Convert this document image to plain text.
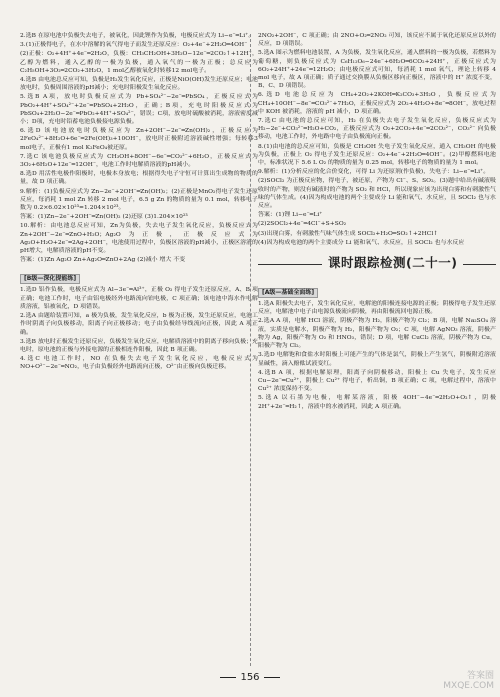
2.选B 在原电池中负极失去电子，被氧化，因此锂作为负极，电极反应式为 Li−e⁻═Li⁺。

3.(1)正极得电子，在水中溶解的氧气得电子而发生还原反应：O₂+4e⁻+2H₂O═4OH⁻

(2)正极：O₂+4H⁺+4e⁻═2H₂O，负极：CH₃CH₂OH+3H₂O−12e⁻═2CO₂↑+12H⁺，乙醇为燃料，通入乙醇的一极为负极，通入氧气的一极为正极；总反应为 C₂H₅OH+3O₂═2CO₂+3H₂O，1 mol乙醇被氧化时转移12 mol电子。

4.选B 由电池总反应可知，负极是H₂发生氧化反应，正极是NiO(OH)发生还原反应；电池放电时，负极周围溶液的pH减小；充电时阳极发生氧化反应。

5.选B A项，放电时负极反应式为 Pb+SO₄²⁻−2e⁻═PbSO₄，正极反应式为 PbO₂+4H⁺+SO₄²⁻+2e⁻═PbSO₄+2H₂O，正确；B项，充电时阳极反应式为 PbSO₄+2H₂O−2e⁻═PbO₂+4H⁺+SO₄²⁻，错误；C项，放电时硫酸被消耗，溶液密度减小；D项，充电时铅蓄电池负极接电源负极。

6.选D 该电池放电时负极反应为 Zn+2OH⁻−2e⁻═Zn(OH)₂，正极反应为 2FeO₄²⁻+8H₂O+6e⁻═2Fe(OH)₃+10OH⁻，放电时正极附近溶液碱性增强；每转移3 mol电子，正极有1 mol K₂FeO₄被还原。

7.选C 该电池负极反应式为 CH₃OH+8OH⁻−6e⁻═CO₃²⁻+6H₂O，正极反应式为 3O₂+6H₂O+12e⁻═12OH⁻，电池工作时电解质溶液的pH减小。

8.选D 用活性电极作阳极时，电极本身放电；根据得失电子守恒可计算出生成物的物质的量，故 D 项正确。

9.解析：(1)负极反应式为 Zn−2e⁻+2OH⁻═Zn(OH)₂；(2)正极是MnO₂得电子发生还原反应，每消耗 1 mol Zn 转移 2 mol 电子，6.5 g Zn 的物质的量为 0.1 mol，转移电子数为 0.2×6.02×10²³=1.204×10²³。

答案：(1)Zn−2e⁻+2OH⁻═Zn(OH)₂ (2)还原 (3)1.204×10²³

10.解析：由电池总反应可知，Zn为负极，失去电子发生氧化反应，负极反应式为 Zn+2OH⁻−2e⁻═ZnO+H₂O；Ag₂O为正极，正极反应式为 Ag₂O+H₂O+2e⁻═2Ag+2OH⁻，电池使用过程中，负极区溶液的pH减小，正极区溶液的pH增大，电解质溶液的pH不变。

答案：(1)Zn Ag₂O Zn+Ag₂O═ZnO+2Ag (2)减小 增大 不变

[B级—深化提能练]

1.选D 铝作负极，电极反应式为 Al−3e⁻═Al³⁺，正极 O₂ 得电子发生还原反应，A、B 项正确；电池工作时，电子由铝电极经外电路流向铂电极，C 项正确；该电池中海水作电解质溶液，铝被氧化，D 项错误。

2.选A 由题给装置可知，a 极为负极，发生氧化反应，b 极为正极，发生还原反应，电池工作时阴离子向负极移动，阳离子向正极移动；电子由负极经导线流向正极，因此 A 项正确。

3.选B 放电时正极发生还原反应，负极发生氧化反应，电解质溶液中的阴离子移向负极；充电时，原电池的正极与外接电源的正极相连作阳极，因此 B 项正确。

4.选C 电池工作时，NO 在负极失去电子发生氧化反应，电极反应式为 NO+O²⁻−2e⁻═NO₂，电子由负极经外电路流向正极，O²⁻由正极向负极迁移。

2NO₂+2OH⁻，C 项正确；由 2NO+O₂═2NO₂ 可知，该反应不属于氧化还原反应以外的反应，D 项错误。

5.选A 图示为燃料电池装置，A 为负极，发生氧化反应，通入燃料的一极为负极，若燃料为葡萄糖，则负极反应式为 C₆H₁₂O₆−24e⁻+6H₂O═6CO₂+24H⁺，正极反应式为 6O₂+24H⁺+24e⁻═12H₂O；由电极反应式可知，每消耗 1 mol 氧气，理论上转移 4 mol 电子，故 A 项正确；质子通过交换膜从负极区移向正极区，溶液中的 H⁺ 浓度不变，B、C、D 项错误。

6.选D 电池总反应为 CH₄+2O₂+2KOH═K₂CO₃+3H₂O，负极反应式为 CH₄+10OH⁻−8e⁻═CO₃²⁻+7H₂O，正极反应式为 2O₂+4H₂O+8e⁻═8OH⁻，放电过程中 KOH 被消耗，溶液的 pH 减小，D 项正确。

7.选C 由电池的总反应可知，H₂ 在负极失去电子发生氧化反应，负极反应式为 H₂−2e⁻+CO₃²⁻═H₂O+CO₂，正极反应式为 O₂+2CO₂+4e⁻═2CO₃²⁻，CO₃²⁻ 向负极移动，电池工作时，外电路中电子由负极流向正极。

8.(1)由电池的总反应可知，负极是 CH₃OH 失电子发生氧化反应，通入 CH₃OH 的电极为负极，正极上 O₂ 得电子发生还原反应：O₂+4e⁻+2H₂O═4OH⁻。(2)甲醇燃料电池中，标准状况下 5.6 L O₂ 的物质的量为 0.25 mol，转移电子的物质的量为 1 mol。

9.解析：(1)分析反应的化合价变化，可得 Li 为还原剂(作负极)，失电子：Li−e⁻═Li⁺。

(2)SOCl₂ 为正极反应物，得电子，被还原，产物为 Cl⁻、S、SO₂。(3)题中给出有碱液吸收时的产物，则没有碱液时的产物为 SO₂ 和 HCl，所以现象应该为出现白雾和有刺激性气味的气体生成。(4)因为构成电池的两个主要成分 Li 能和氧气、水反应，且 SOCl₂ 也与水反应。

答案：(1)锂 Li−e⁻═Li⁺

(2)2SOCl₂+4e⁻═4Cl⁻+S+SO₂

(3)出现白雾，有刺激性气味气体生成 SOCl₂+H₂O═SO₂↑+2HCl↑

(4)因为构成电池的两个主要成分 Li 能和氧气、水反应，且 SOCl₂ 也与水反应

课时跟踪检测(二十一)
[A级—基础全面练]

1.选A 阳极失去电子，发生氧化反应，电解池的阳极连接电源的正极；阴极得电子发生还原反应，电解池中电子由电源负极流向阴极，再由阳极流回电源正极。

2.选A A 项，电解 HCl 溶液，阴极产物为 H₂，阳极产物为 Cl₂；B 项，电解 Na₂SO₄ 溶液，实质是电解水，阴极产物为 H₂，阳极产物为 O₂；C 项，电解 AgNO₃ 溶液，阴极产物为 Ag，阳极产物为 O₂ 和 HNO₃，错误；D 项，电解 CuCl₂ 溶液，阴极产物为 Cu，阳极产物为 Cl₂。

3.选D 电解饱和食盐水时阳极上可能产生的气体是氯气，阴极上产生氢气，阴极附近溶液显碱性，滴入酚酞试液变红。

4.选B A 项，根据电解原理，阳离子向阴极移动，阳极上 Cu 失电子，发生反应 Cu−2e⁻═Cu²⁺，阴极上 Cu²⁺ 得电子，析出铜，B 项正确；C 项，电解过程中，溶液中 Cu²⁺ 浓度保持不变。

5.选A 以石墨为电极，电解某溶液，阳极 4OH⁻−4e⁻═2H₂O+O₂↑，阴极 2H⁺+2e⁻═H₂↑，溶液中的水被消耗，因此 A 项正确。

156	答案圈 MXQE.COM
